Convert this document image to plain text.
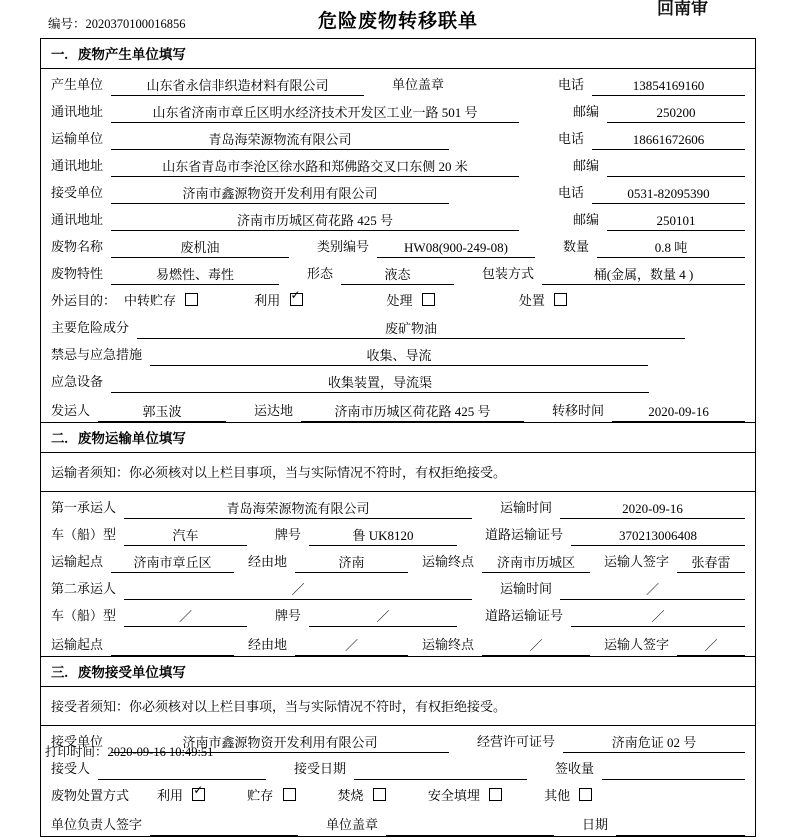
编号：2020370100016856	危险废物转移联单
回南审
一. 废物产生单位填写
产生单位	山东省永信非织造材料有限公司	单位盖章	电话	13854169160
通讯地址	山东省济南市章丘区明水经济技术开发区工业一路 501 号	邮编	250200
运输单位	青岛海荣源物流有限公司	电话	18661672606
通讯地址	山东省青岛市李沧区徐水路和郑佛路交叉口东侧 20 米	邮编
接受单位	济南市鑫源物资开发利用有限公司	电话	0531-82095390
通讯地址	济南市历城区荷花路 425 号	邮编	250101
废物名称	废机油	类别编号	HW08(900-249-08)	数量	0.8 吨
废物特性	易燃性、毒性	形态	液态	包装方式	桶(金属，数量 4 )
外运目的： 中转贮存	利用 ✓	处理	处置
主要危险成分	废矿物油
禁忌与应急措施	收集、导流
应急设备	收集装置，导流渠
发运人	郭玉波	运达地	济南市历城区荷花路 425 号	转移时间	2020-09-16
二. 废物运输单位填写
运输者须知：你必须核对以上栏目事项，当与实际情况不符时，有权拒绝接受。
第一承运人	青岛海荣源物流有限公司	运输时间	2020-09-16
车（船）型	汽车	牌号	鲁 UK8120	道路运输证号	370213006408
运输起点	济南市章丘区	经由地	济南	运输终点	济南市历城区	运输人签字	张春雷
第二承运人	／	运输时间	／
车（船）型	／	牌号	／	道路运输证号	／
运输起点	经由地	／	运输终点	／	运输人签字	／
三. 废物接受单位填写
接受者须知：你必须核对以上栏目事项，当与实际情况不符时，有权拒绝接受。
接受单位	济南市鑫源物资开发利用有限公司	经营许可证号	济南危证 02 号
接受人	接受日期	签收量
废物处置方式 利用 ✓	贮存	焚烧	安全填埋	其他
单位负责人签字	单位盖章	日期
打印时间：2020-09-16 10:49:51
